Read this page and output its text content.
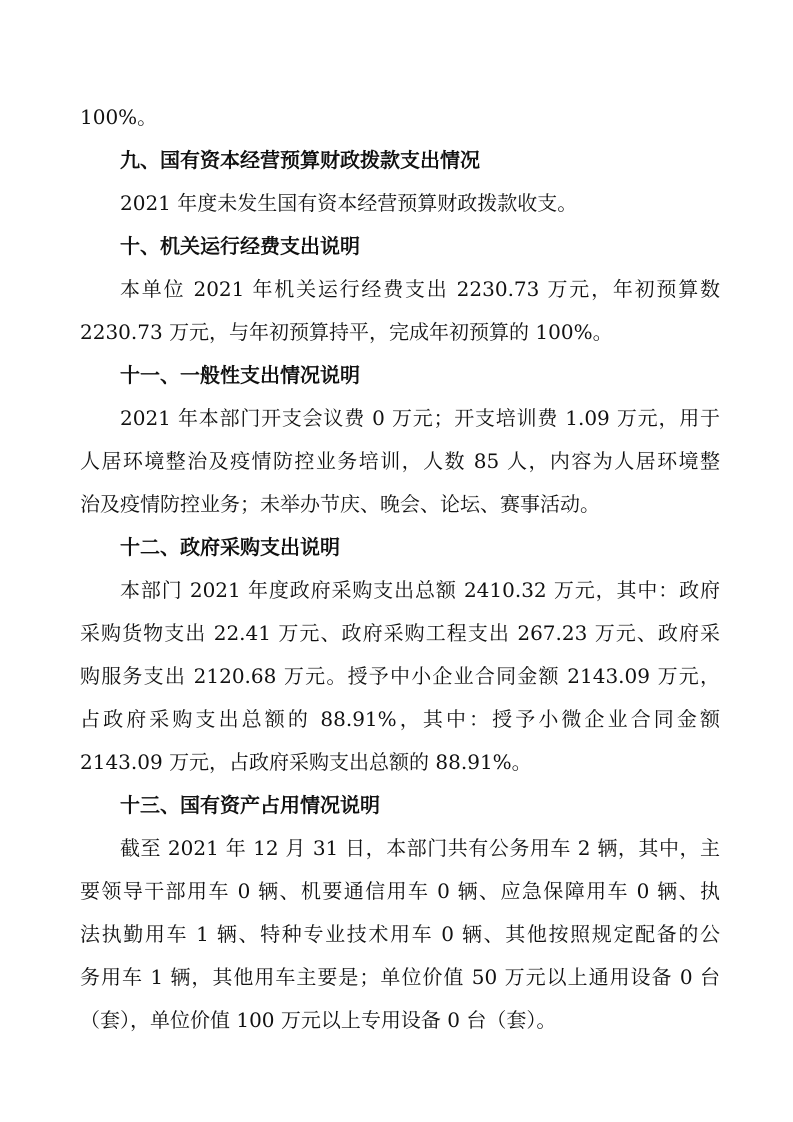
100%。
九、国有资本经营预算财政拨款支出情况
2021 年度未发生国有资本经营预算财政拨款收支。
十、机关运行经费支出说明
本单位 2021 年机关运行经费支出 2230.73 万元，年初预算数
2230.73 万元，与年初预算持平，完成年初预算的 100%。
十一、一般性支出情况说明
2021 年本部门开支会议费 0 万元；开支培训费 1.09 万元，用于
人居环境整治及疫情防控业务培训，人数 85 人，内容为人居环境整
治及疫情防控业务；未举办节庆、晚会、论坛、赛事活动。
十二、政府采购支出说明
本部门 2021 年度政府采购支出总额 2410.32 万元，其中：政府
采购货物支出 22.41 万元、政府采购工程支出 267.23 万元、政府采
购服务支出 2120.68 万元。授予中小企业合同金额 2143.09 万元，
占政府采购支出总额的 88.91%，其中：授予小微企业合同金额
2143.09 万元，占政府采购支出总额的 88.91%。
十三、国有资产占用情况说明
截至 2021 年 12 月 31 日，本部门共有公务用车 2 辆，其中，主
要领导干部用车 0 辆、机要通信用车 0 辆、应急保障用车 0 辆、执
法执勤用车 1 辆、特种专业技术用车 0 辆、其他按照规定配备的公
务用车 1 辆，其他用车主要是；单位价值 50 万元以上通用设备 0 台
（套），单位价值 100 万元以上专用设备 0 台（套）。
